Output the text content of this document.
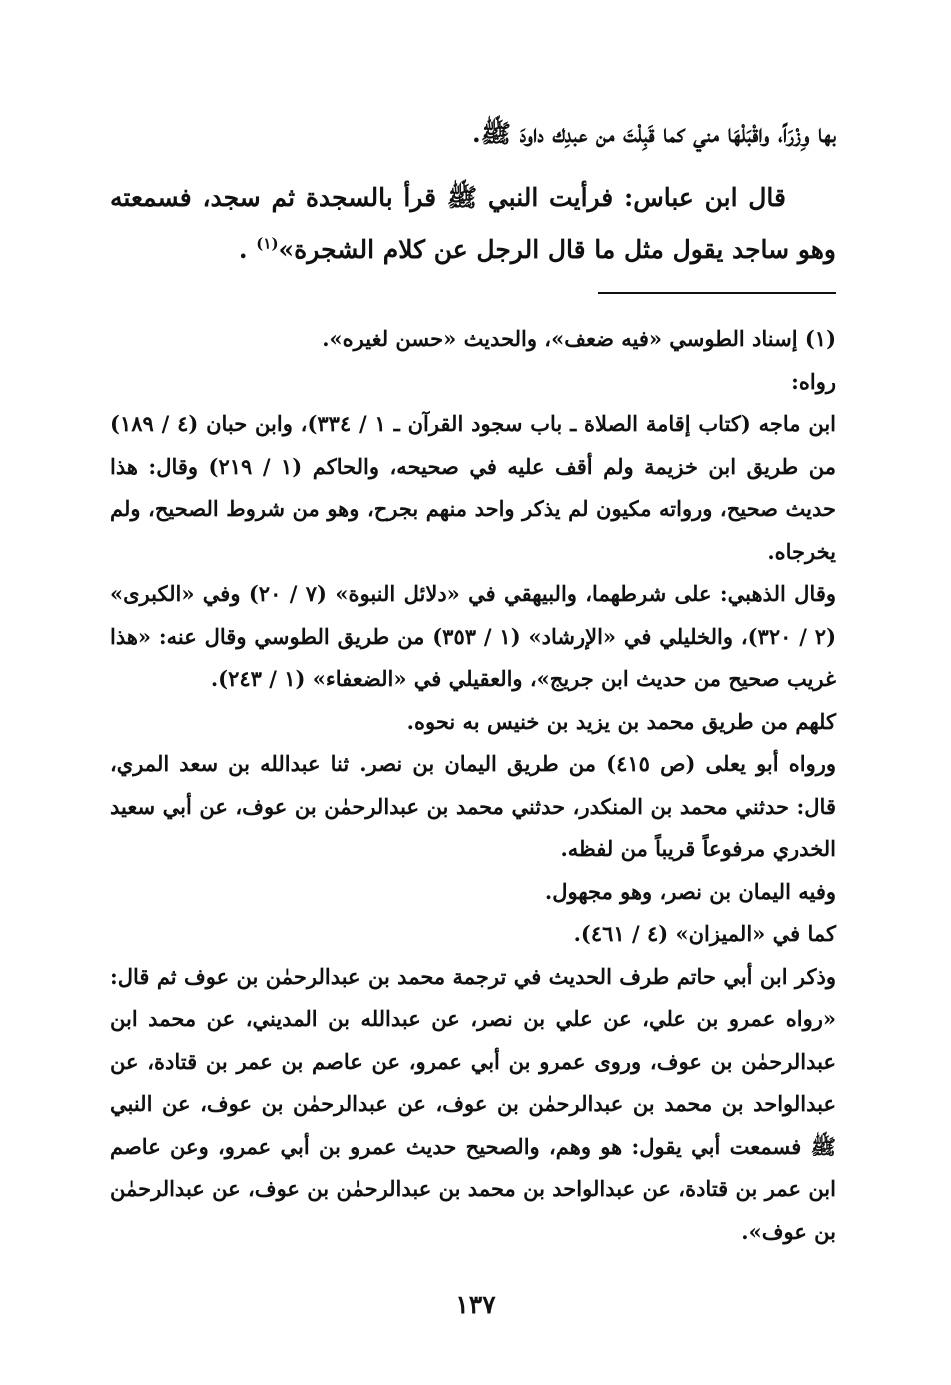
بها وِزْرَاً، واقْبَلْهَا مني كما قَبِلْتَ من عبدِك داودَ ﷺ.

قال ابن عباس: فرأيت النبي ﷺ قرأ بالسجدة ثم سجد، فسمعته وهو ساجد يقول مثل ما قال الرجل عن كلام الشجرة»$^{(١)}$ .

(١) إسناد الطوسي «فيه ضعف»، والحديث «حسن لغيره».

رواه:

ابن ماجه (كتاب إقامة الصلاة ـ باب سجود القرآن ـ ١ / ٣٣٤)، وابن حبان (٤ / ١٨٩) من طريق ابن خزيمة ولم أقف عليه في صحيحه، والحاكم (١ / ٢١٩) وقال: هذا حديث صحيح، ورواته مكيون لم يذكر واحد منهم بجرح، وهو من شروط الصحيح، ولم يخرجاه.

وقال الذهبي: على شرطهما، والبيهقي في «دلائل النبوة» (٧ / ٢٠) وفي «الكبرى» (٢ / ٣٢٠)، والخليلي في «الإرشاد» (١ / ٣٥٣) من طريق الطوسي وقال عنه: «هذا غريب صحيح من حديث ابن جريج»، والعقيلي في «الضعفاء» (١ / ٢٤٣).

كلهم من طريق محمد بن يزيد بن خنيس به نحوه.

ورواه أبو يعلى (ص ٤١٥) من طريق اليمان بن نصر. ثنا عبدالله بن سعد المري، قال: حدثني محمد بن المنكدر، حدثني محمد بن عبدالرحمٰن بن عوف، عن أبي سعيد الخدري مرفوعاً قريباً من لفظه.

وفيه اليمان بن نصر، وهو مجهول.

كما في «الميزان» (٤ / ٤٦١).

وذكر ابن أبي حاتم طرف الحديث في ترجمة محمد بن عبدالرحمٰن بن عوف ثم قال: «رواه عمرو بن علي، عن علي بن نصر، عن عبدالله بن المديني، عن محمد ابن عبدالرحمٰن بن عوف، وروى عمرو بن أبي عمرو، عن عاصم بن عمر بن قتادة، عن عبدالواحد بن محمد بن عبدالرحمٰن بن عوف، عن عبدالرحمٰن بن عوف، عن النبي ﷺ فسمعت أبي يقول: هو وهم، والصحيح حديث عمرو بن أبي عمرو، وعن عاصم ابن عمر بن قتادة، عن عبدالواحد بن محمد بن عبدالرحمٰن بن عوف، عن عبدالرحمٰن بن عوف».

١٣٧
